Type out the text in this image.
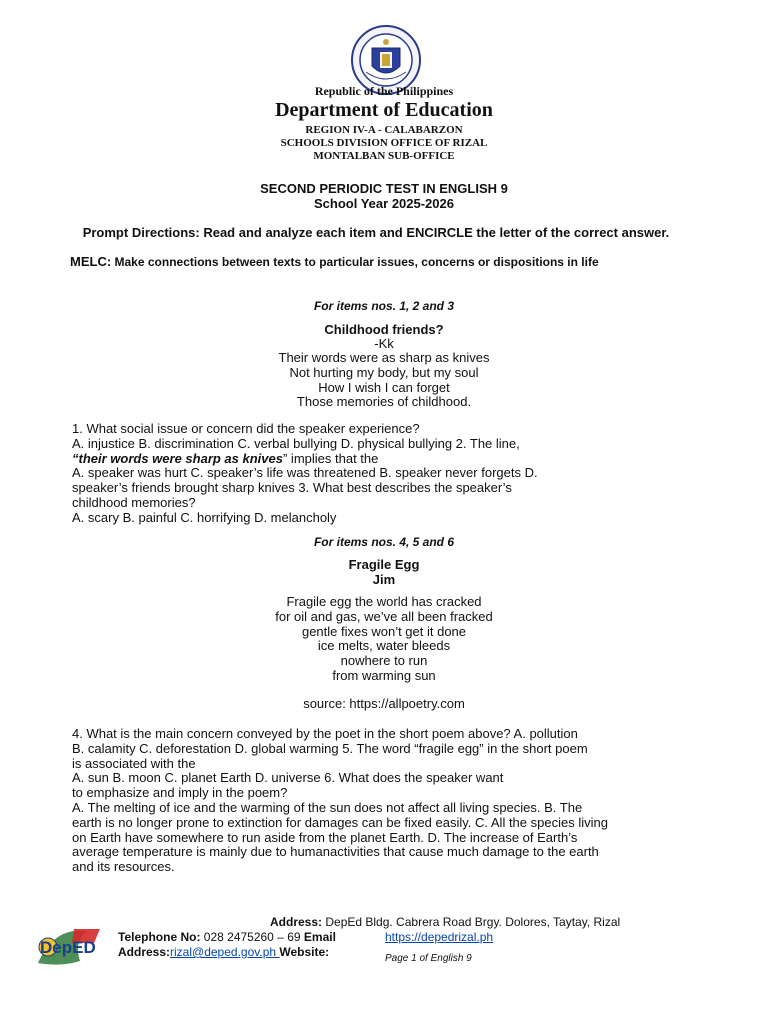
Republic of the Philippines
Department of Education
REGION IV-A - CALABARZON
SCHOOLS DIVISION OFFICE OF RIZAL
MONTALBAN SUB-OFFICE
SECOND PERIODIC TEST IN ENGLISH 9
School Year 2025-2026
Prompt Directions: Read and analyze each item and ENCIRCLE the letter of the correct answer.
MELC: Make connections between texts to particular issues, concerns or dispositions in life
For items nos. 1, 2 and 3
Childhood friends?
-Kk
Their words were as sharp as knives
Not hurting my body, but my soul
How I wish I can forget
Those memories of childhood.
1. What social issue or concern did the speaker experience?
A. injustice B. discrimination C. verbal bullying D. physical bullying 2. The line,
“their words were sharp as knives” implies that the
A. speaker was hurt C. speaker’s life was threatened B. speaker never forgets D.
speaker’s friends brought sharp knives 3. What best describes the speaker’s
childhood memories?
A. scary B. painful C. horrifying D. melancholy
For items nos. 4, 5 and 6
Fragile Egg
Jim
Fragile egg the world has cracked
for oil and gas, we’ve all been fracked
gentle fixes won’t get it done
ice melts, water bleeds
nowhere to run
from warming sun
source: https://allpoetry.com
4. What is the main concern conveyed by the poet in the short poem above? A. pollution
B. calamity C. deforestation D. global warming 5. The word “fragile egg” in the short poem
is associated with the
A. sun B. moon C. planet Earth D. universe 6. What does the speaker want
to emphasize and imply in the poem?
A. The melting of ice and the warming of the sun does not affect all living species. B. The
earth is no longer prone to extinction for damages can be fixed easily. C. All the species living
on Earth have somewhere to run aside from the planet Earth. D. The increase of Earth’s
average temperature is mainly due to humanactivities that cause much damage to the earth
and its resources.
DepED
Address: DepEd Bldg. Cabrera Road Brgy. Dolores, Taytay, Rizal
Telephone No: 028 2475260 – 69 Email	https://depedrizal.ph
Address:rizal@deped.gov.ph Website:	Page 1 of English 9
